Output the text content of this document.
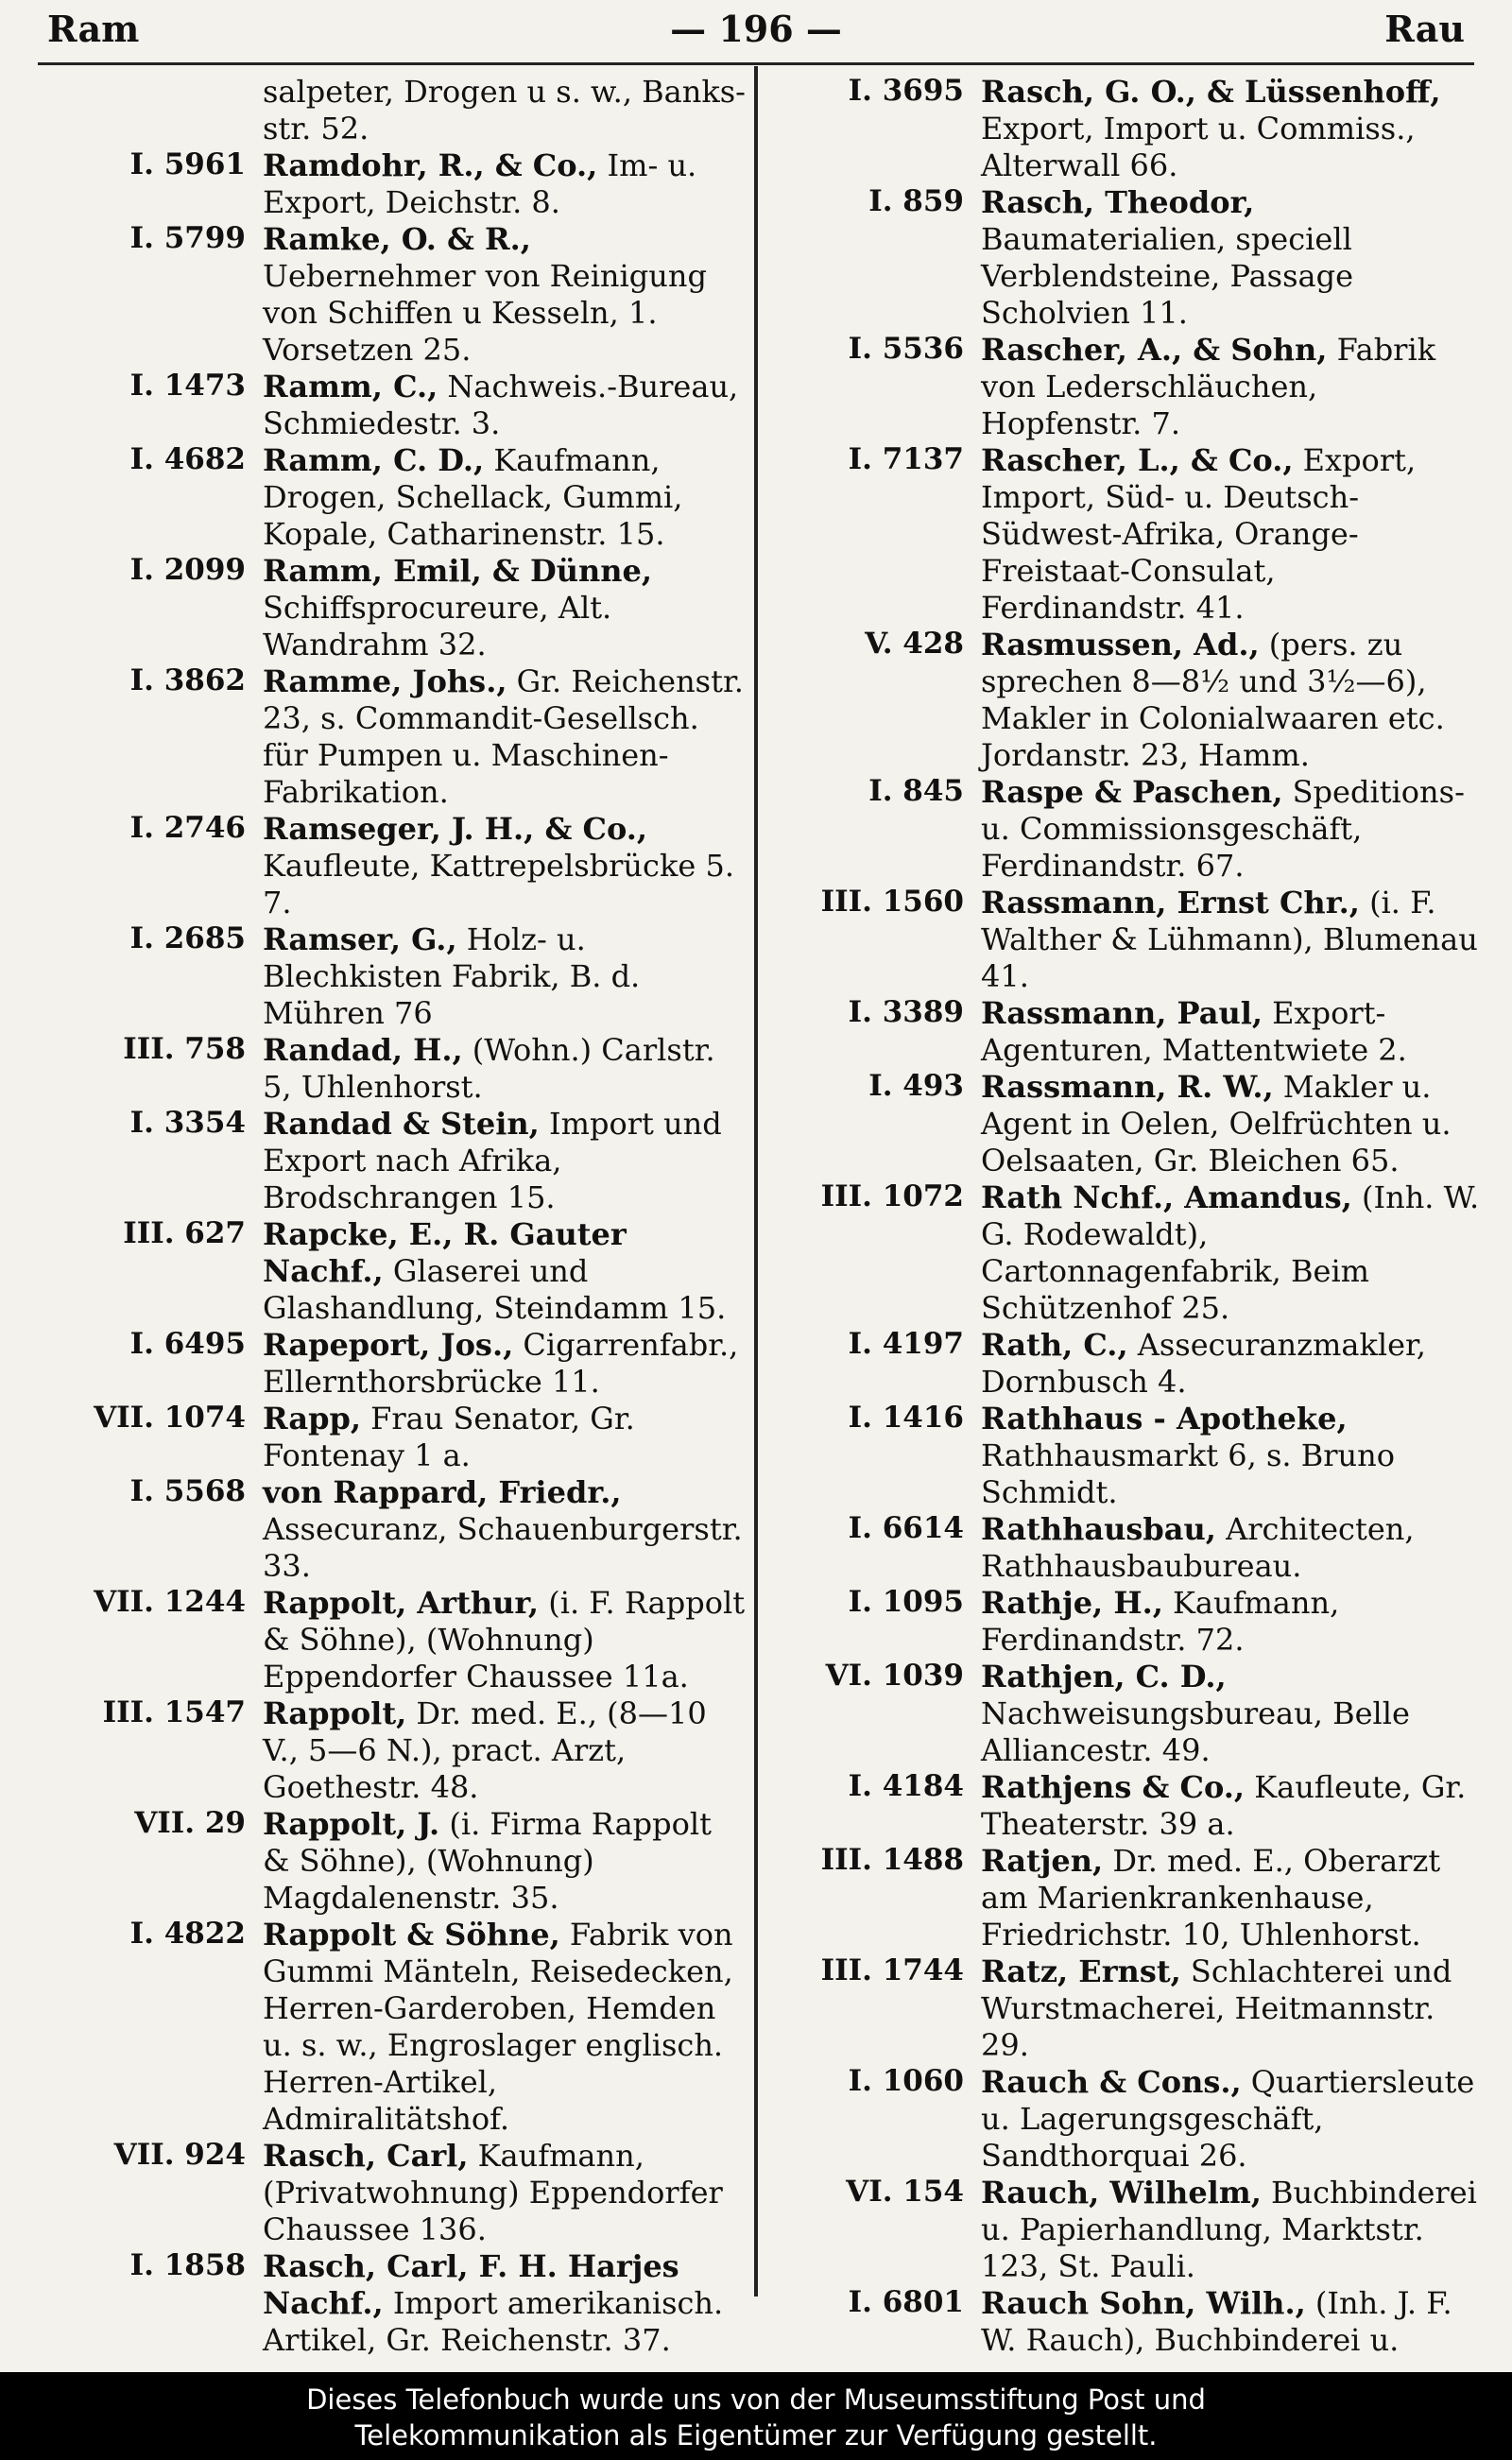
Ram	— 196 —	Rau
salpeter, Drogen u s. w., Banks-str. 52.
I. 5961 Ramdohr, R., & Co., Im- u. Export, Deichstr. 8.
I. 5799 Ramke, O. & R., Uebernehmer von Reinigung von Schiffen u Kesseln, 1. Vorsetzen 25.
I. 1473 Ramm, C., Nachweis.-Bureau, Schmiedestr. 3.
I. 4682 Ramm, C. D., Kaufmann, Drogen, Schellack, Gummi, Kopale, Catharinenstr. 15.
I. 2099 Ramm, Emil, & Dünne, Schiffsprocureure, Alt. Wandrahm 32.
I. 3862 Ramme, Johs., Gr. Reichenstr. 23, s. Commandit-Gesellsch. für Pumpen u. Maschinen-Fabrikation.
I. 2746 Ramseger, J. H., & Co., Kaufleute, Kattrepelsbrücke 5. 7.
I. 2685 Ramser, G., Holz- u. Blechkisten Fabrik, B. d. Mühren 76
III. 758 Randad, H., (Wohn.) Carlstr. 5, Uhlenhorst.
I. 3354 Randad & Stein, Import und Export nach Afrika, Brodschrangen 15.
III. 627 Rapcke, E., R. Gauter Nachf., Glaserei und Glashandlung, Steindamm 15.
I. 6495 Rapeport, Jos., Cigarrenfabr., Ellernthorsbrücke 11.
VII. 1074 Rapp, Frau Senator, Gr. Fontenay 1 a.
I. 5568 von Rappard, Friedr., Assecuranz, Schauenburgerstr. 33.
VII. 1244 Rappolt, Arthur, (i. F. Rappolt & Söhne), (Wohnung) Eppendorfer Chaussee 11a.
III. 1547 Rappolt, Dr. med. E., (8—10 V., 5—6 N.), pract. Arzt, Goethestr. 48.
VII. 29 Rappolt, J. (i. Firma Rappolt & Söhne), (Wohnung) Magdalenenstr. 35.
I. 4822 Rappolt & Söhne, Fabrik von Gummi Mänteln, Reisedecken, Herren-Garderoben, Hemden u. s. w., Engroslager englisch. Herren-Artikel, Admiralitätshof.
VII. 924 Rasch, Carl, Kaufmann, (Privatwohnung) Eppendorfer Chaussee 136.
I. 1858 Rasch, Carl, F. H. Harjes Nachf., Import amerikanisch. Artikel, Gr. Reichenstr. 37.
I. 3695 Rasch, G. O., & Lüssenhoff, Export, Import u. Commiss., Alterwall 66.
I. 859 Rasch, Theodor, Baumaterialien, speciell Verblendsteine, Passage Scholvien 11.
I. 5536 Rascher, A., & Sohn, Fabrik von Lederschläuchen, Hopfenstr. 7.
I. 7137 Rascher, L., & Co., Export, Import, Süd- u. Deutsch-Südwest-Afrika, Orange-Freistaat-Consulat, Ferdinandstr. 41.
V. 428 Rasmussen, Ad., (pers. zu sprechen 8—8½ und 3½—6), Makler in Colonialwaaren etc. Jordanstr. 23, Hamm.
I. 845 Raspe & Paschen, Speditions- u. Commissionsgeschäft, Ferdinandstr. 67.
III. 1560 Rassmann, Ernst Chr., (i. F. Walther & Lühmann), Blumenau 41.
I. 3389 Rassmann, Paul, Export-Agenturen, Mattentwiete 2.
I. 493 Rassmann, R. W., Makler u. Agent in Oelen, Oelfrüchten u. Oelsaaten, Gr. Bleichen 65.
III. 1072 Rath Nchf., Amandus, (Inh. W. G. Rodewaldt), Cartonnagenfabrik, Beim Schützenhof 25.
I. 4197 Rath, C., Assecuranzmakler, Dornbusch 4.
I. 1416 Rathhaus - Apotheke, Rathhausmarkt 6, s. Bruno Schmidt.
I. 6614 Rathhausbau, Architecten, Rathhausbaubureau.
I. 1095 Rathje, H., Kaufmann, Ferdinandstr. 72.
VI. 1039 Rathjen, C. D., Nachweisungsbureau, Belle Alliancestr. 49.
I. 4184 Rathjens & Co., Kaufleute, Gr. Theaterstr. 39 a.
III. 1488 Ratjen, Dr. med. E., Oberarzt am Marienkrankenhause, Friedrichstr. 10, Uhlenhorst.
III. 1744 Ratz, Ernst, Schlachterei und Wurstmacherei, Heitmannstr. 29.
I. 1060 Rauch & Cons., Quartiersleute u. Lagerungsgeschäft, Sandthorquai 26.
VI. 154 Rauch, Wilhelm, Buchbinderei u. Papierhandlung, Marktstr. 123, St. Pauli.
I. 6801 Rauch Sohn, Wilh., (Inh. J. F. W. Rauch), Buchbinderei u.
Dieses Telefonbuch wurde uns von der Museumsstiftung Post und
Telekommunikation als Eigentümer zur Verfügung gestellt.
